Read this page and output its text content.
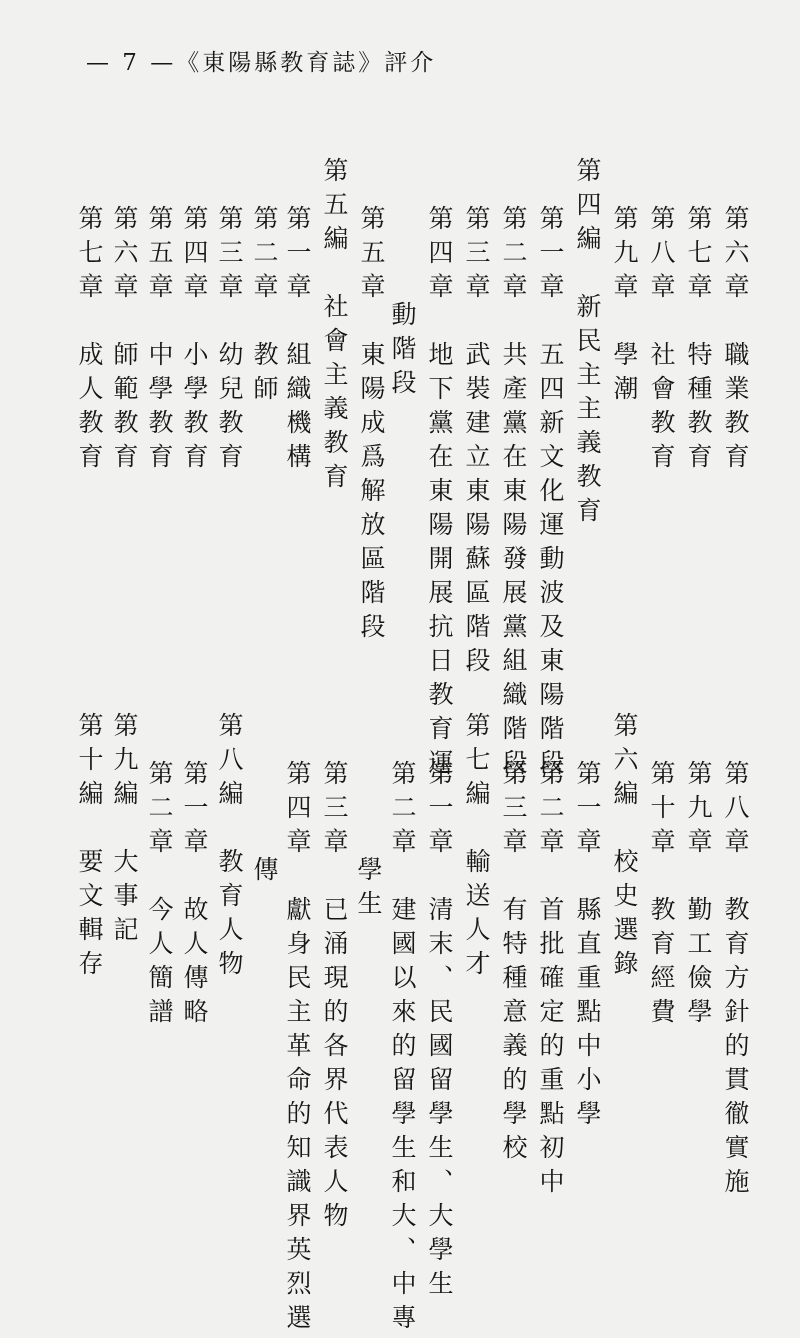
— 7 —《東陽縣教育誌》評介
第六章　職業教育
第七章　特種教育
第八章　社會教育
第九章　學潮
第四編　新民主主義教育
第一章　五四新文化運動波及東陽階段
第二章　共產黨在東陽發展黨組織階段
第三章　武裝建立東陽蘇區階段
第四章　地下黨在東陽開展抗日教育運
動階段
第五章　東陽成爲解放區階段
第五編　社會主義教育
第一章　組織機構
第二章　教師
第三章　幼兒教育
第四章　小學教育
第五章　中學教育
第六章　師範教育
第七章　成人教育
第八章　教育方針的貫徹實施
第九章　勤工儉學
第十章　教育經費
第六編　校史選錄
第一章　縣直重點中小學
第二章　首批確定的重點初中
第三章　有特種意義的學校
第七編　輸送人才
第一章　清末、民國留學生、大學生
第二章　建國以來的留學生和大、中專
學生
第三章　已涌現的各界代表人物
第四章　獻身民主革命的知識界英烈選
傳
第八編　教育人物
第一章　故人傳略
第二章　今人簡譜
第九編　大事記
第十編　要文輯存
